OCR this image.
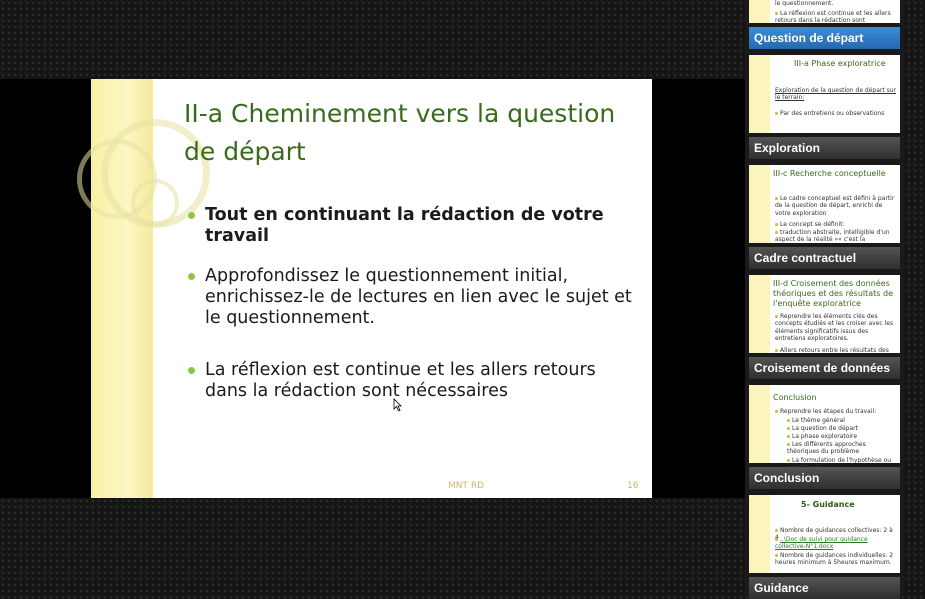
II-a Cheminement vers la question de départ
Tout en continuant la rédaction de votre travail
Approfondissez le questionnement initial, enrichissez-le de lectures en lien avec le sujet et le questionnement.
La réflexion est continue et les allers retours dans la rédaction sont nécessaires
MNT RD	16
le questionnement.
La réflexion est continue et les allers retours dans la rédaction sont
Question de départ
III-a Phase exploratrice
Exploration de la question de départ sur le terrain:
Par des entretiens ou observations
Exploration
III-c Recherche conceptuelle
Le cadre conceptuel est défini à partir de la question de départ, enrichi de votre exploration
Le concept se définit:
traduction abstraite, intelligible d'un aspect de la réalité »« c'est la
Cadre contractuel
III-d Croisement des données théoriques et des résultats de l'enquête exploratrice
Reprendre les éléments clés des concepts étudiés et les croiser avec les éléments significatifs issus des entretiens exploratoires.
Allers retours entre les résultats des
Croisement de données
Conclusion
Reprendre les étapes du travail:
Le thème général
La question de départ
La phase exploratoire
Les différents approches théoriques du problème
La formulation de l'hypothèse ou
Conclusion
5- Guidance
Nombre de guidances collectives: 2 à
..\Doc de suivi pour guidance collective-N°1.docx
Nombre de guidances individuelles: 2 heures minimum à 5heures maximum.
Guidance
